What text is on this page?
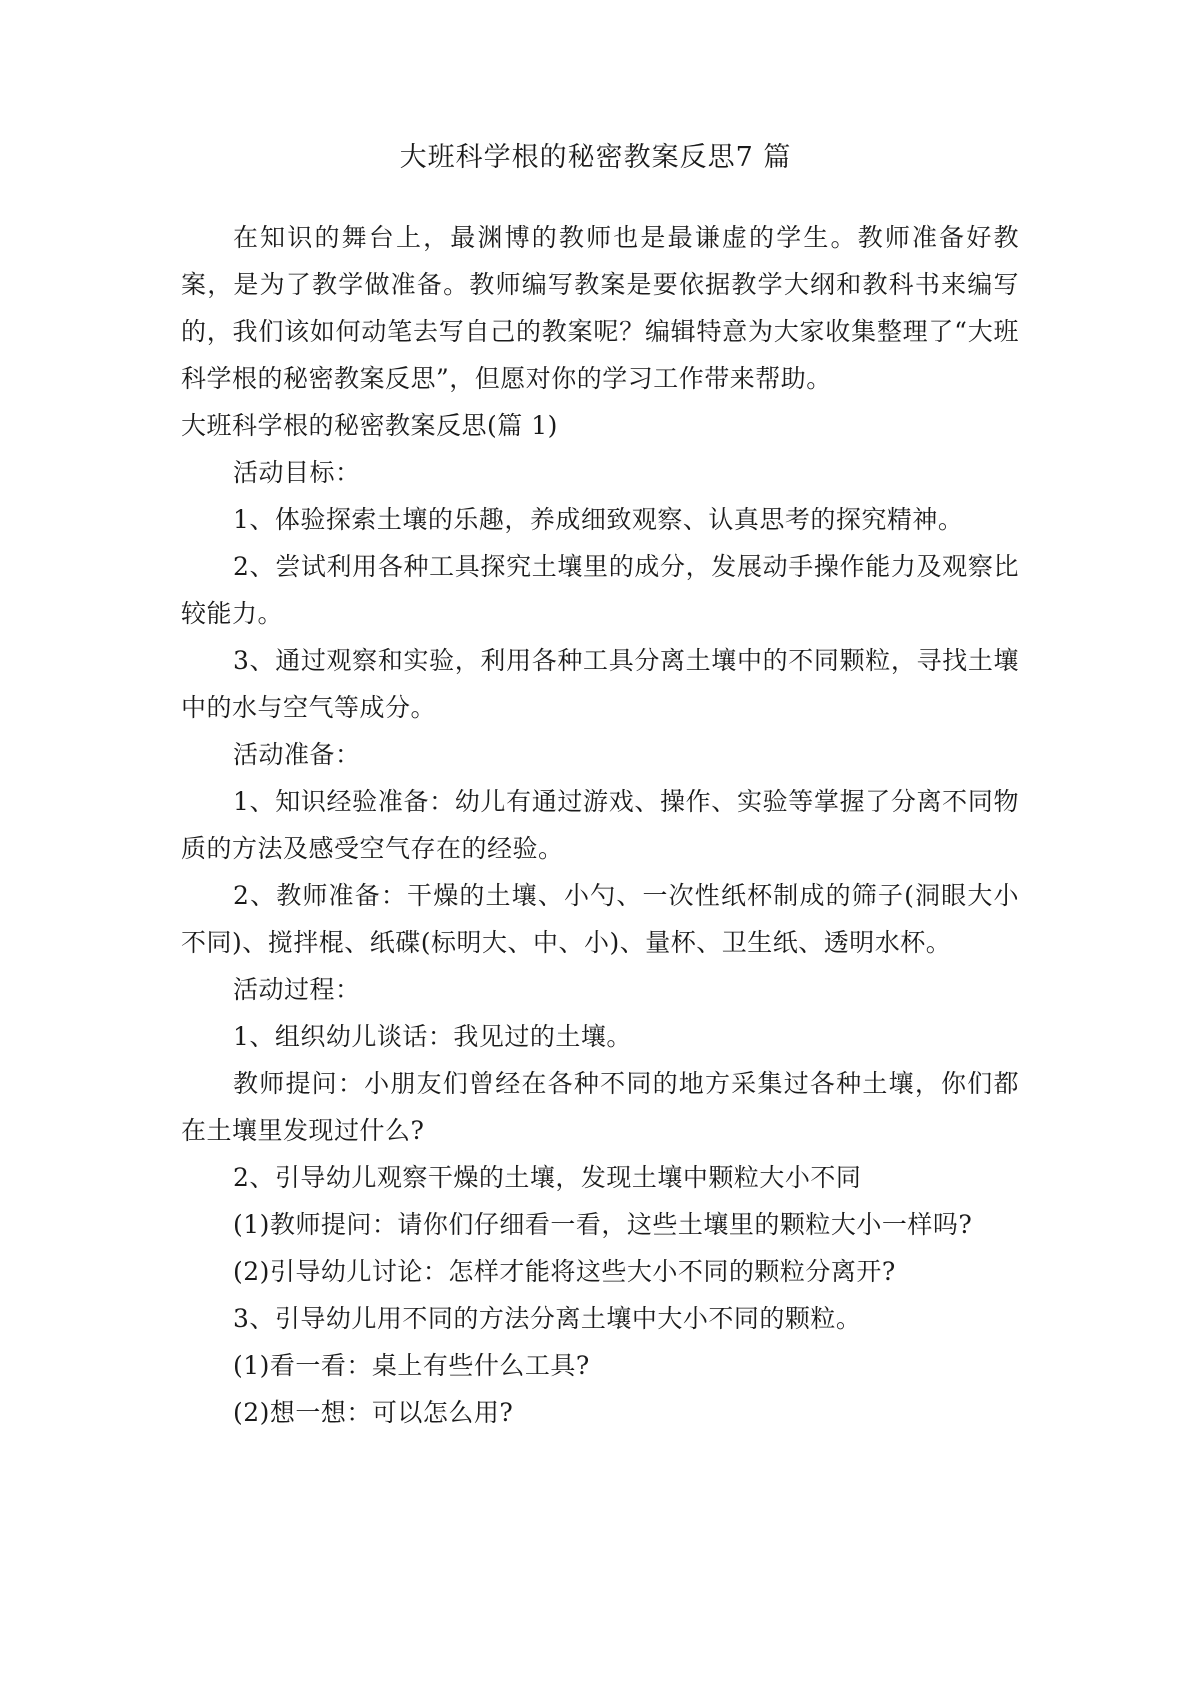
大班科学根的秘密教案反思7 篇

在知识的舞台上，最渊博的教师也是最谦虚的学生。教师准备好教案，是为了教学做准备。教师编写教案是要依据教学大纲和教科书来编写的，我们该如何动笔去写自己的教案呢？编辑特意为大家收集整理了“大班科学根的秘密教案反思”，但愿对你的学习工作带来帮助。

大班科学根的秘密教案反思(篇 1)

活动目标：

1、体验探索土壤的乐趣，养成细致观察、认真思考的探究精神。

2、尝试利用各种工具探究土壤里的成分，发展动手操作能力及观察比较能力。

3、通过观察和实验，利用各种工具分离土壤中的不同颗粒，寻找土壤中的水与空气等成分。

活动准备：

1、知识经验准备：幼儿有通过游戏、操作、实验等掌握了分离不同物质的方法及感受空气存在的经验。

2、教师准备：干燥的土壤、小勺、一次性纸杯制成的筛子(洞眼大小不同)、搅拌棍、纸碟(标明大、中、小)、量杯、卫生纸、透明水杯。

活动过程：

1、组织幼儿谈话：我见过的土壤。

教师提问：小朋友们曾经在各种不同的地方采集过各种土壤，你们都在土壤里发现过什么?

2、引导幼儿观察干燥的土壤，发现土壤中颗粒大小不同

(1)教师提问：请你们仔细看一看，这些土壤里的颗粒大小一样吗?

(2)引导幼儿讨论：怎样才能将这些大小不同的颗粒分离开?

3、引导幼儿用不同的方法分离土壤中大小不同的颗粒。

(1)看一看：桌上有些什么工具?

(2)想一想：可以怎么用?
